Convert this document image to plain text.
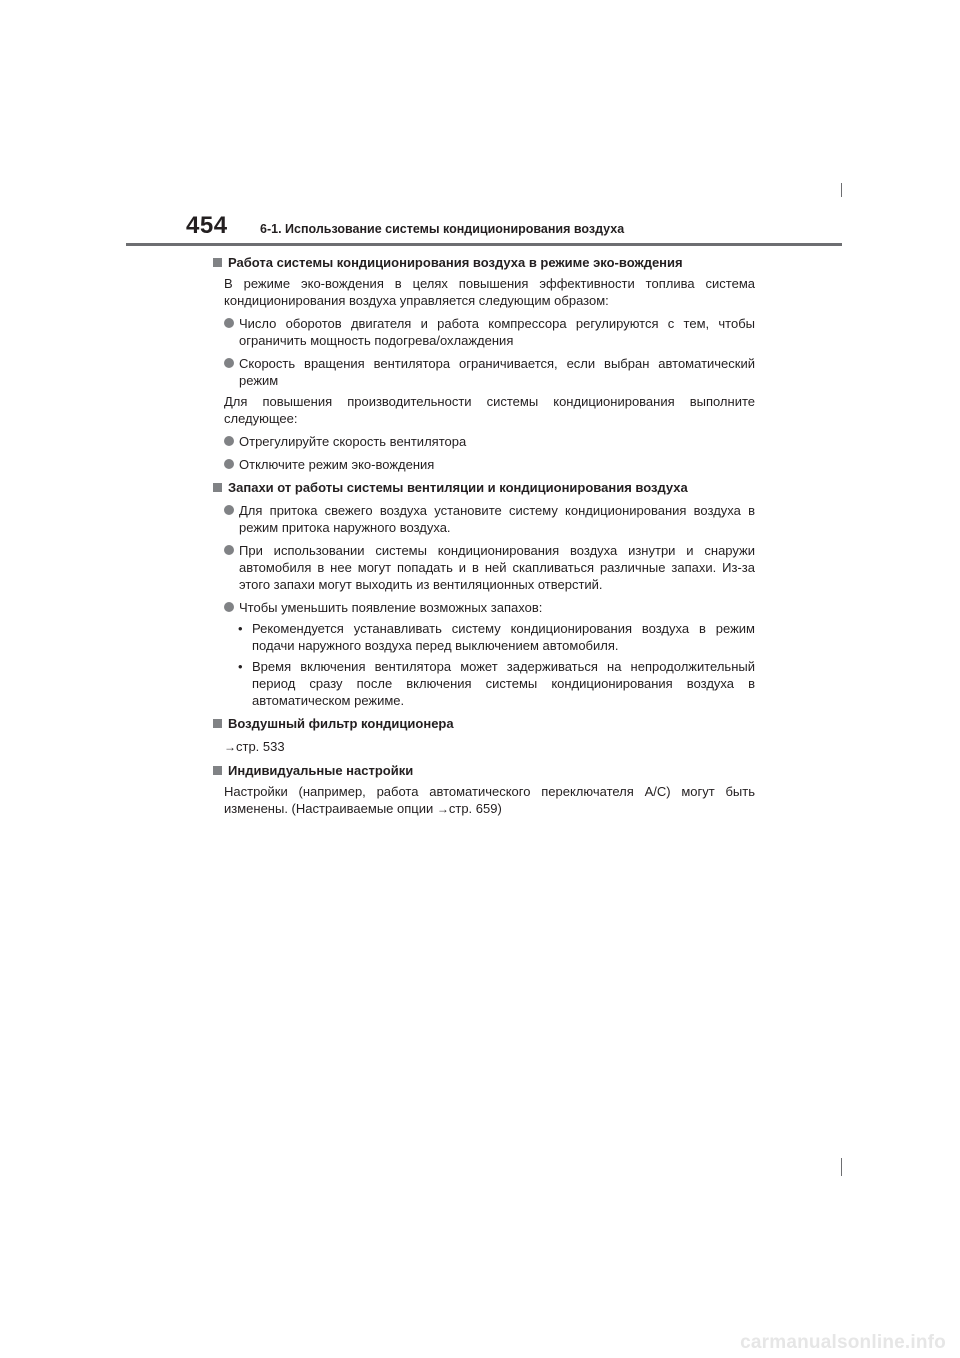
454	6-1. Использование системы кондиционирования воздуха
Работа системы кондиционирования воздуха в режиме эко-вождения
В режиме эко-вождения в целях повышения эффективности топлива система кондиционирования воздуха управляется следующим образом:
Число оборотов двигателя и работа компрессора регулируются с тем, чтобы ограничить мощность подогрева/охлаждения
Скорость вращения вентилятора ограничивается, если выбран автоматический режим
Для повышения производительности системы кондиционирования выполните следующее:
Отрегулируйте скорость вентилятора
Отключите режим эко-вождения
Запахи от работы системы вентиляции и кондиционирования воздуха
Для притока свежего воздуха установите систему кондиционирования воздуха в режим притока наружного воздуха.
При использовании системы кондиционирования воздуха изнутри и снаружи автомобиля в нее могут попадать и в ней скапливаться различные запахи. Из-за этого запахи могут выходить из вентиляционных отверстий.
Чтобы уменьшить появление возможных запахов:
• Рекомендуется устанавливать систему кондиционирования воздуха в режим подачи наружного воздуха перед выключением автомобиля.
• Время включения вентилятора может задерживаться на непродолжительный период сразу после включения системы кондиционирования воздуха в автоматическом режиме.
Воздушный фильтр кондиционера
→стр. 533
Индивидуальные настройки
Настройки (например, работа автоматического переключателя A/C) могут быть изменены. (Настраиваемые опции →стр. 659)
carmanualsonline.info
